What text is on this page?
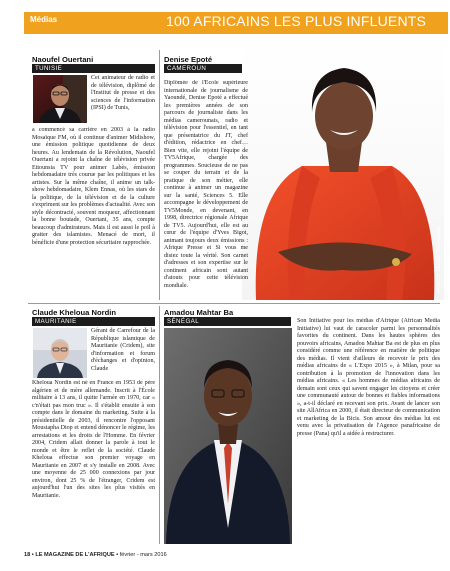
Médias	100 AFRICAINS LES PLUS INFLUENTS
Naoufel Ouertani
TUNISIE

Cet animateur de radio et de télévision, diplômé de l'Institut de presse et des sciences de l'information (IPSI) de Tunis,

a commencé sa carrière en 2003 à la radio Mosaïque FM, où il continue d'animer Midishow, une émission politique quotidienne de deux heures. Au lendemain de la Révolution, Naoufel Ouertani a rejoint la chaîne de télévision privée Ettounsia TV pour animer Labès, émission hebdomadaire très courue par les politiques et les artistes. Sur la même chaîne, il anime un talk-show hebdomadaire, Klem Ennas, où les stars de la politique, de la télévision et de la culture s'expriment sur les problèmes d'actualité. Avec son style décontracté, souvent moqueur, affectionnant la bonne boutade, Ouertani, 35 ans, compte beaucoup d'admirateurs. Mais il est aussi le poil à gratter des islamistes. Menacé de mort, il bénéficie d'une protection sécuritaire rapprochée.

Denise Epoté
CAMEROUN
Photo : D. Ekwalla / TV5MONDE

Diplômée de l'École supérieure internationale de journalisme de Yaoundé, Denise Epoté a effectué les premières années de son parcours de journaliste dans les médias camerounais, radio et télévision pour l'essentiel, en tant que présentatrice du JT, chef d'édition, rédactrice en chef… Bien vite, elle rejoint l'équipe de TV5Afrique, chargée des programmes. Soucieuse de ne pas se couper du terrain et de la pratique de son métier, elle continue à animer un magazine sur la santé, Sciences 5. Elle accompagne le développement de TV5Monde, en devenant, en 1998, directrice régionale Afrique de TV5. Aujourd'hui, elle est au cœur de l'équipe d'Yves Bigot, animant toujours deux émissions : Afrique Presse et Si vous me disiez toute la vérité. Son carnet d'adresses et son expertise sur le continent africain sont autant d'atouts pour cette télévision mondiale.

Claude Kheloua Nordin
MAURITANIE

Gérant de Carrefour de la République islamique de Mauritanie (Cridem), site d'information et forum d'échanges et d'opinion, Claude

Kheloua Nordin est né en France en 1953 de père algérien et de mère allemande. Inscrit à l'École militaire à 13 ans, il quitte l'armée en 1970, car « c'n'était pas mon truc ». Il s'établit ensuite à son compte dans le domaine du marketing. Suite à la présidentielle de 2003, il rencontre l'opposant Moustapha Diop et entend dénoncer le régime, les arrestations et les droits de l'Homme. En février 2004, Cridem allait donner la parole à tout le monde et être le reflet de la société. Claude Kheloua effectue son premier voyage en Mauritanie en 2007 et s'y installe en 2008. Avec une moyenne de 25 000 connexions par jour environ, dont 25 % de l'étranger, Cridem est aujourd'hui l'un des sites les plus visités en Mauritanie.

Amadou Mahtar Ba
SÉNÉGAL	Son Initiative pour les médias d'Afrique (African Media Initiative) lui vaut de caracoler parmi les personnalités favorites du continent. Dans les hautes sphères des pouvoirs africains, Amadou Mahtar Ba est de plus en plus considéré comme une référence en matière de politique des médias. Il vient d'ailleurs de recevoir le prix des médias africains de « L'Expo 2015 », à Milan, pour sa contribution à la promotion de l'innovation dans les médias africains. « Les hommes de médias africains de demain sont ceux qui savent engager les citoyens et créer une communauté autour de bonnes et fiables informations », a-t-il déclaré en recevant son prix. Avant de lancer son site AllAfrica en 2000, il était directeur de communication et marketing de la Bicis. Son amour des médias lui est venu avec la privatisation de l'Agence panafricaine de presse (Pana) qu'il a aidée à restructurer.

18 • LE MAGAZINE DE L'AFRIQUE • février - mars 2016
